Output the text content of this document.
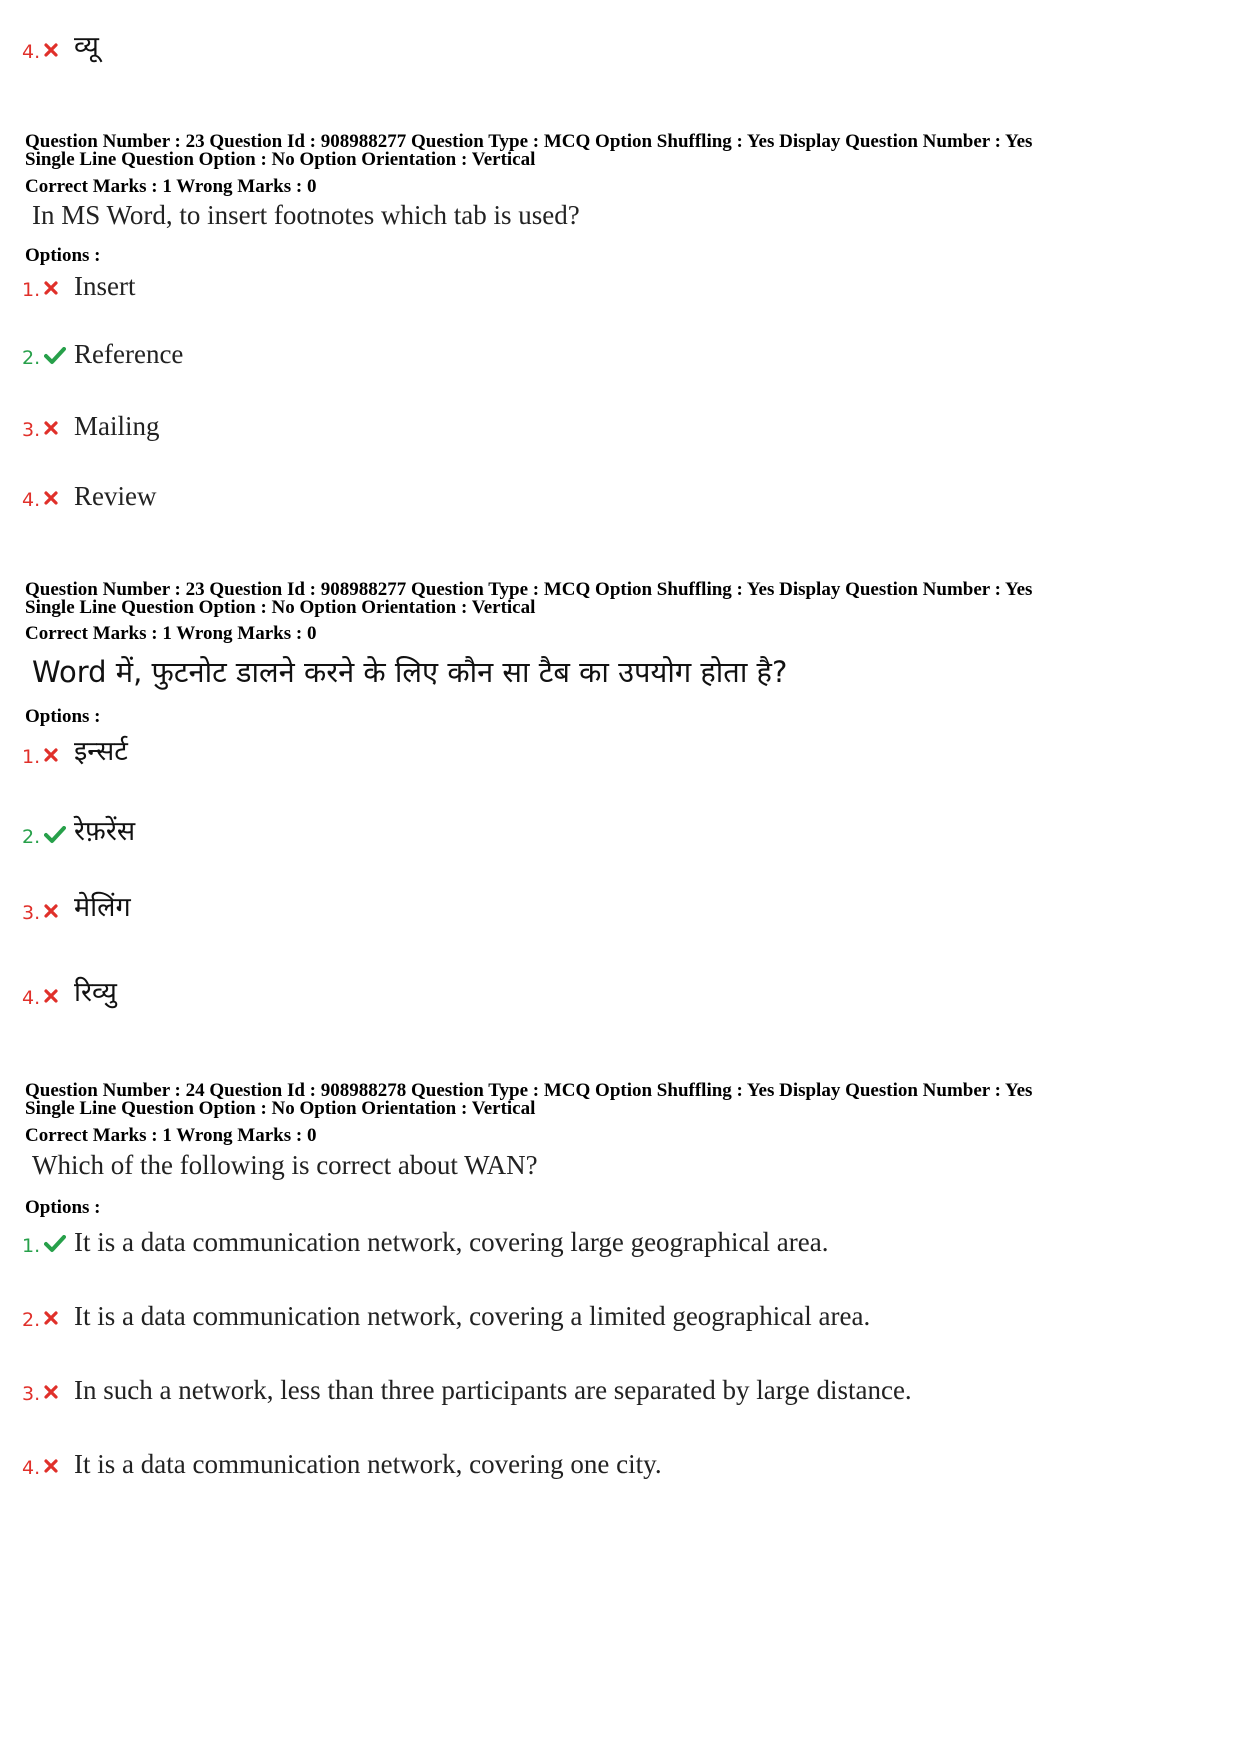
4. व्यू
Question Number : 23 Question Id : 908988277 Question Type : MCQ Option Shuffling : Yes Display Question Number : Yes
Single Line Question Option : No Option Orientation : Vertical
Correct Marks : 1 Wrong Marks : 0
In MS Word, to insert footnotes which tab is used?
Options :
1. Insert
2. Reference
3. Mailing
4. Review
Question Number : 23 Question Id : 908988277 Question Type : MCQ Option Shuffling : Yes Display Question Number : Yes
Single Line Question Option : No Option Orientation : Vertical
Correct Marks : 1 Wrong Marks : 0
Word में, फुटनोट डालने करने के लिए कौन सा टैब का उपयोग होता है?
Options :
1. इन्सर्ट
2. रेफ़रेंस
3. मेलिंग
4. रिव्यु
Question Number : 24 Question Id : 908988278 Question Type : MCQ Option Shuffling : Yes Display Question Number : Yes
Single Line Question Option : No Option Orientation : Vertical
Correct Marks : 1 Wrong Marks : 0
Which of the following is correct about WAN?
Options :
1. It is a data communication network, covering large geographical area.
2. It is a data communication network, covering a limited geographical area.
3. In such a network, less than three participants are separated by large distance.
4. It is a data communication network, covering one city.
